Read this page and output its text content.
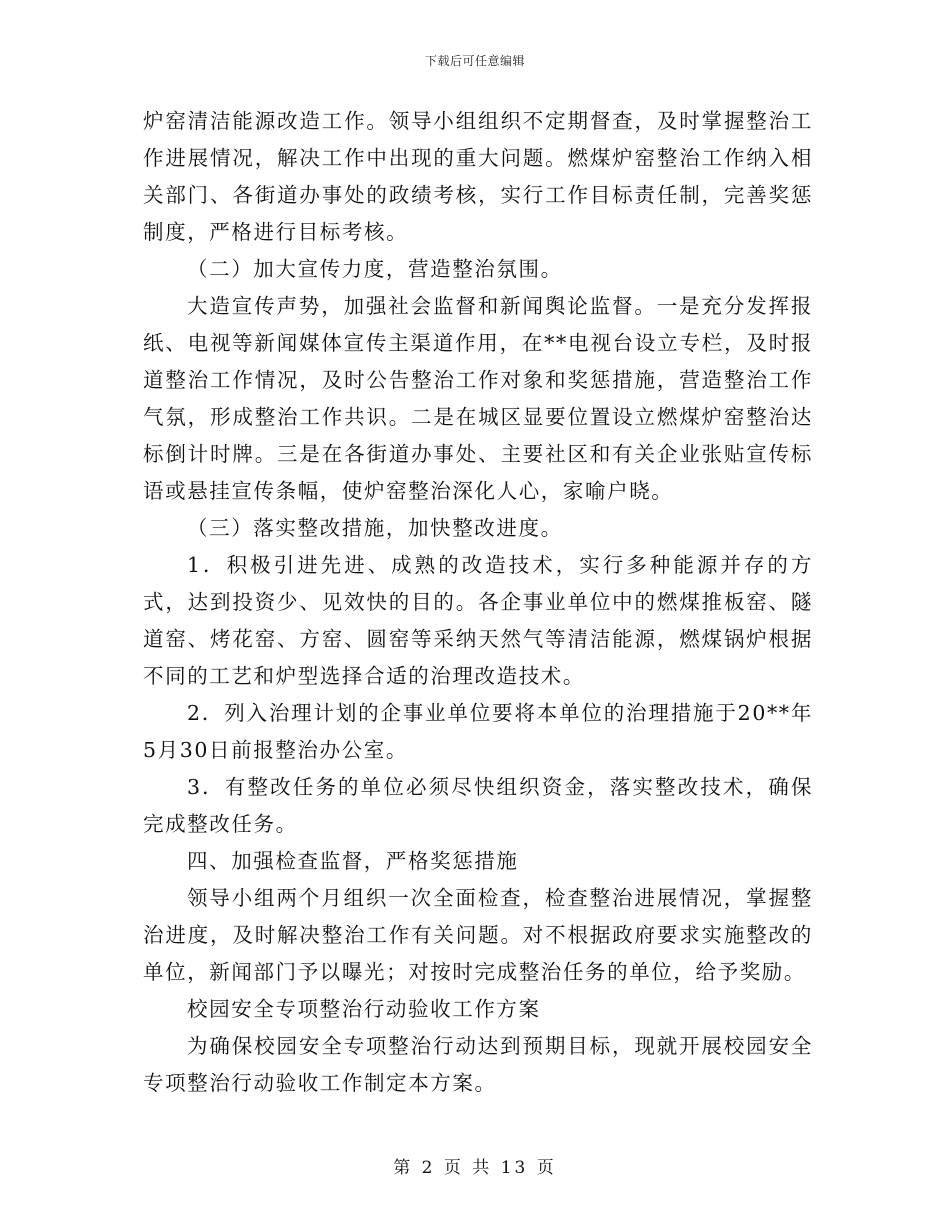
下载后可任意编辑

炉窑清洁能源改造工作。领导小组组织不定期督查，及时掌握整治工作进展情况，解决工作中出现的重大问题。燃煤炉窑整治工作纳入相关部门、各街道办事处的政绩考核，实行工作目标责任制，完善奖惩制度，严格进行目标考核。

（二）加大宣传力度，营造整治氛围。

大造宣传声势，加强社会监督和新闻舆论监督。一是充分发挥报纸、电视等新闻媒体宣传主渠道作用，在**电视台设立专栏，及时报道整治工作情况，及时公告整治工作对象和奖惩措施，营造整治工作气氛，形成整治工作共识。二是在城区显要位置设立燃煤炉窑整治达标倒计时牌。三是在各街道办事处、主要社区和有关企业张贴宣传标语或悬挂宣传条幅，使炉窑整治深化人心，家喻户晓。

（三）落实整改措施，加快整改进度。

1．积极引进先进、成熟的改造技术，实行多种能源并存的方式，达到投资少、见效快的目的。各企事业单位中的燃煤推板窑、隧道窑、烤花窑、方窑、圆窑等采纳天然气等清洁能源，燃煤锅炉根据不同的工艺和炉型选择合适的治理改造技术。

2．列入治理计划的企事业单位要将本单位的治理措施于20**年5月30日前报整治办公室。

3．有整改任务的单位必须尽快组织资金，落实整改技术，确保完成整改任务。

四、加强检查监督，严格奖惩措施

领导小组两个月组织一次全面检查，检查整治进展情况，掌握整治进度，及时解决整治工作有关问题。对不根据政府要求实施整改的单位，新闻部门予以曝光；对按时完成整治任务的单位，给予奖励。

校园安全专项整治行动验收工作方案

为确保校园安全专项整治行动达到预期目标，现就开展校园安全专项整治行动验收工作制定本方案。

第 2 页 共 13 页
